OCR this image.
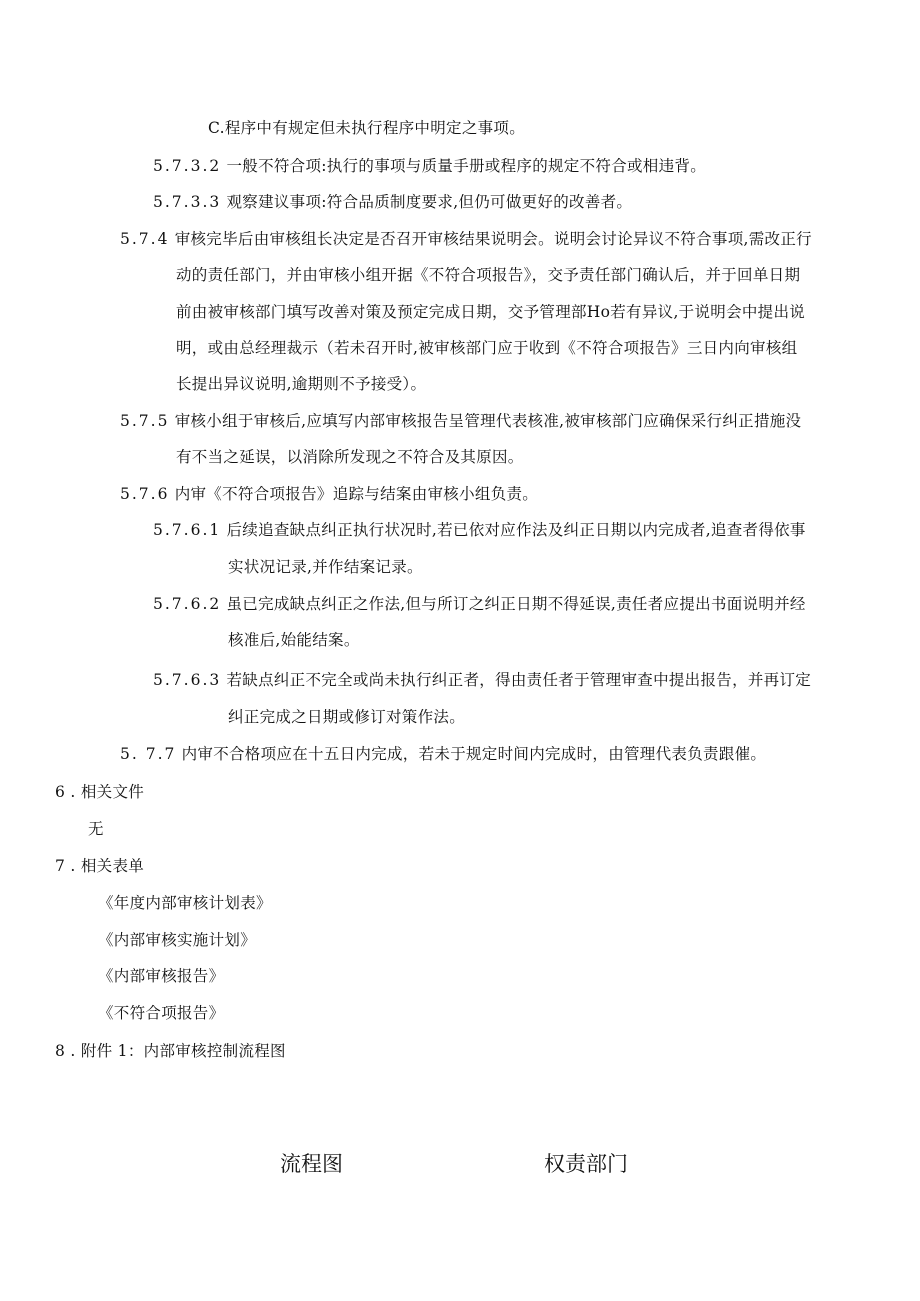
C.程序中有规定但未执行程序中明定之事项。
5.7.3.2 一般不符合项:执行的事项与质量手册或程序的规定不符合或相违背。
5.7.3.3 观察建议事项:符合品质制度要求,但仍可做更好的改善者。
5.7.4 审核完毕后由审核组长决定是否召开审核结果说明会。说明会讨论异议不符合事项,需改正行
动的责任部门，并由审核小组开据《不符合项报告》，交予责任部门确认后，并于回单日期
前由被审核部门填写改善对策及预定完成日期，交予管理部Ho若有异议,于说明会中提出说
明，或由总经理裁示（若未召开时,被审核部门应于收到《不符合项报告》三日内向审核组
长提出异议说明,逾期则不予接受）。
5.7.5 审核小组于审核后,应填写内部审核报告呈管理代表核准,被审核部门应确保采行纠正措施没
有不当之延误，以消除所发现之不符合及其原因。
5.7.6 内审《不符合项报告》追踪与结案由审核小组负责。
5.7.6.1 后续追查缺点纠正执行状况时,若已依对应作法及纠正日期以内完成者,追查者得依事
实状况记录,并作结案记录。
5.7.6.2 虽已完成缺点纠正之作法,但与所订之纠正日期不得延误,责任者应提出书面说明并经
核准后,始能结案。
5.7.6.3 若缺点纠正不完全或尚未执行纠正者，得由责任者于管理审查中提出报告，并再订定
纠正完成之日期或修订对策作法。
5. 7.7 内审不合格项应在十五日内完成，若未于规定时间内完成时，由管理代表负责跟催。
6 . 相关文件
无
7 . 相关表单
《年度内部审核计划表》
《内部审核实施计划》
《内部审核报告》
《不符合项报告》
8 . 附件 1：内部审核控制流程图
流程图	权责部门
